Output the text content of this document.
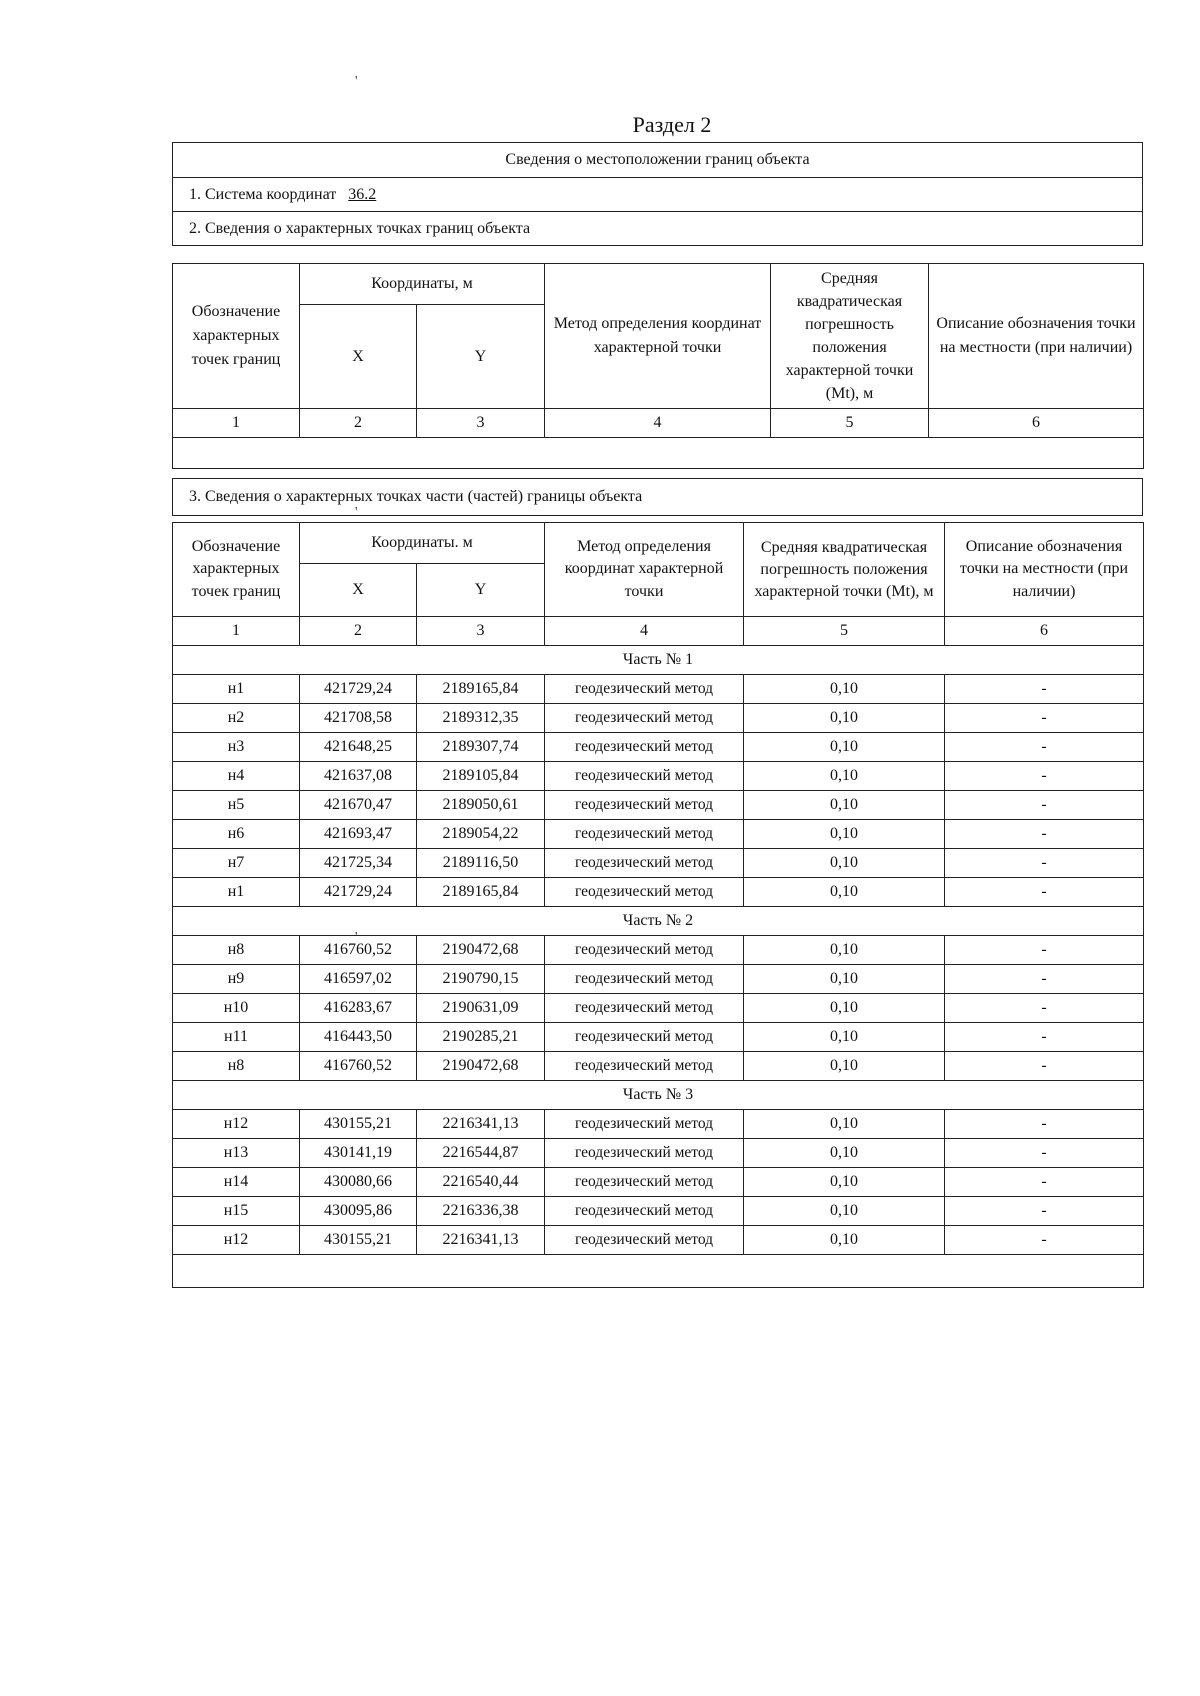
'
Раздел 2
Сведения о местоположении границ объекта
1. Система координат 36.2
2. Сведения о характерных точках границ объекта
Обозначение характерных точек границ	Координаты, м		Метод определения координат характерной точки	Средняя квадратическая погрешность положения характерной точки (Mt), м	Описание обозначения точки на местности (при наличии)
	X	Y			
1	2	3	4	5	6

3. Сведения о характерных точках части (частей) границы объекта
'
Обозначение характерных точек границ	Координаты. м		Метод определения координат характерной точки	Средняя квадратическая погрешность положения характерной точки (Mt), м	Описание обозначения точки на местности (при наличии)
	X	Y			
1	2	3	4	5	6
Часть № 1					
н1	421729,24	2189165,84	геодезический метод	0,10	-
н2	421708,58	2189312,35	геодезический метод	0,10	-
н3	421648,25	2189307,74	геодезический метод	0,10	-
н4	421637,08	2189105,84	геодезический метод	0,10	-
н5	421670,47	2189050,61	геодезический метод	0,10	-
н6	421693,47	2189054,22	геодезический метод	0,10	-
н7	421725,34	2189116,50	геодезический метод	0,10	-
н1	421729,24	2189165,84	геодезический метод	0,10	-
Часть № 2					
н8	416760,52	2190472,68	геодезический метод	0,10	-
н9	416597,02	2190790,15	геодезический метод	0,10	-
н10	416283,67	2190631,09	геодезический метод	0,10	-
н11	416443,50	2190285,21	геодезический метод	0,10	-
н8	416760,52	2190472,68	геодезический метод	0,10	-
Часть № 3					
н12	430155,21	2216341,13	геодезический метод	0,10	-
н13	430141,19	2216544,87	геодезический метод	0,10	-
н14	430080,66	2216540,44	геодезический метод	0,10	-
н15	430095,86	2216336,38	геодезический метод	0,10	-
н12	430155,21	2216341,13	геодезический метод	0,10	-

'
